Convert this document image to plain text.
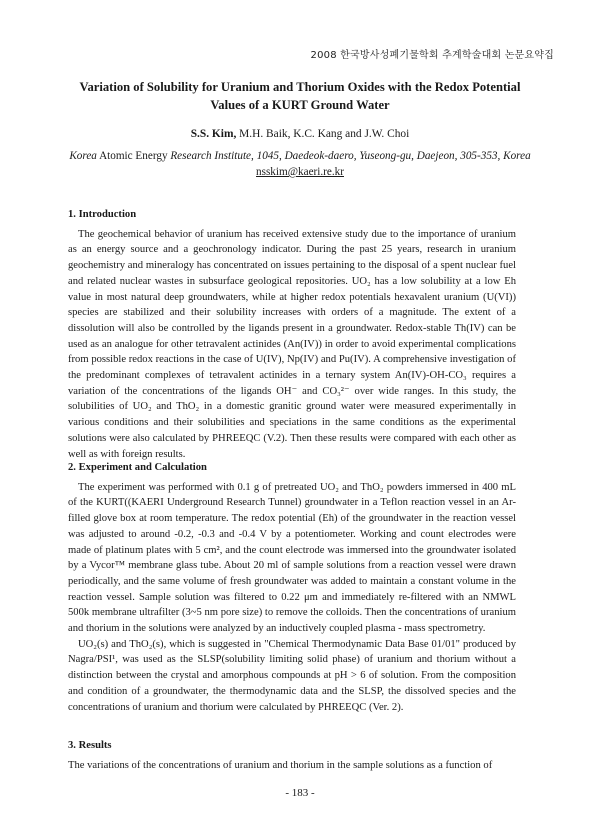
2008 한국방사성폐기물학회 추계학술대회 논문요약집
Variation of Solubility for Uranium and Thorium Oxides with the Redox Potential
Values of a KURT Ground Water
S.S. Kim, M.H. Baik, K.C. Kang and J.W. Choi
Korea Atomic Energy Research Institute, 1045, Daedeok-daero, Yuseong-gu, Daejeon, 305-353, Korea
nsskim@kaeri.re.kr
1. Introduction

The geochemical behavior of uranium has received extensive study due to the importance of uranium as an energy source and a geochronology indicator. During the past 25 years, research in uranium geochemistry and mineralogy has concentrated on issues pertaining to the disposal of a spent nuclear fuel and related nuclear wastes in subsurface geological repositories. UO₂ has a low solubility at a low Eh value in most natural deep groundwaters, while at higher redox potentials hexavalent uranium (U(VI)) species are stabilized and their solubility increases with orders of a magnitude. The extent of a dissolution will also be controlled by the ligands present in a groundwater. Redox-stable Th(IV) can be used as an analogue for other tetravalent actinides (An(IV)) in order to avoid experimental complications from possible redox reactions in the case of U(IV), Np(IV) and Pu(IV). A comprehensive investigation of the predominant complexes of tetravalent actinides in a ternary system An(IV)-OH-CO₃ requires a variation of the concentrations of the ligands OH⁻ and CO₃²⁻ over wide ranges. In this study, the solubilities of UO₂ and ThO₂ in a domestic granitic ground water were measured experimentally in various conditions and their solubilities and speciations in the same conditions as the experimental solutions were also calculated by PHREEQC (V.2). Then these results were compared with each other as well as with foreign results.

2. Experiment and Calculation

The experiment was performed with 0.1 g of pretreated UO₂ and ThO₂ powders immersed in 400 mL of the KURT((KAERI Underground Research Tunnel) groundwater in a Teflon reaction vessel in an Ar-filled glove box at room temperature. The redox potential (Eh) of the groundwater in the reaction vessel was adjusted to around -0.2, -0.3 and -0.4 V by a potentiometer. Working and count electrodes were made of platinum plates with 5 cm², and the count electrode was immersed into the groundwater isolated by a Vycor™ membrane glass tube. About 20 ml of sample solutions from a reaction vessel were drawn periodically, and the same volume of fresh groundwater was added to maintain a constant volume in the reaction vessel. Sample solution was filtered to 0.22 μm and immediately re-filtered with an NMWL 500k membrane ultrafilter (3~5 nm pore size) to remove the colloids. Then the concentrations of uranium and thorium in the solutions were analyzed by an inductively coupled plasma - mass spectrometry.

UO₂(s) and ThO₂(s), which is suggested in "Chemical Thermodynamic Data Base 01/01" produced by Nagra/PSI¹, was used as the SLSP(solubility limiting solid phase) of uranium and thorium without a distinction between the crystal and amorphous compounds at pH > 6 of solution. From the composition and condition of a groundwater, the thermodynamic data and the SLSP, the dissolved species and the concentrations of uranium and thorium were calculated by PHREEQC (Ver. 2).

3. Results

The variations of the concentrations of uranium and thorium in the sample solutions as a function of

- 183 -
